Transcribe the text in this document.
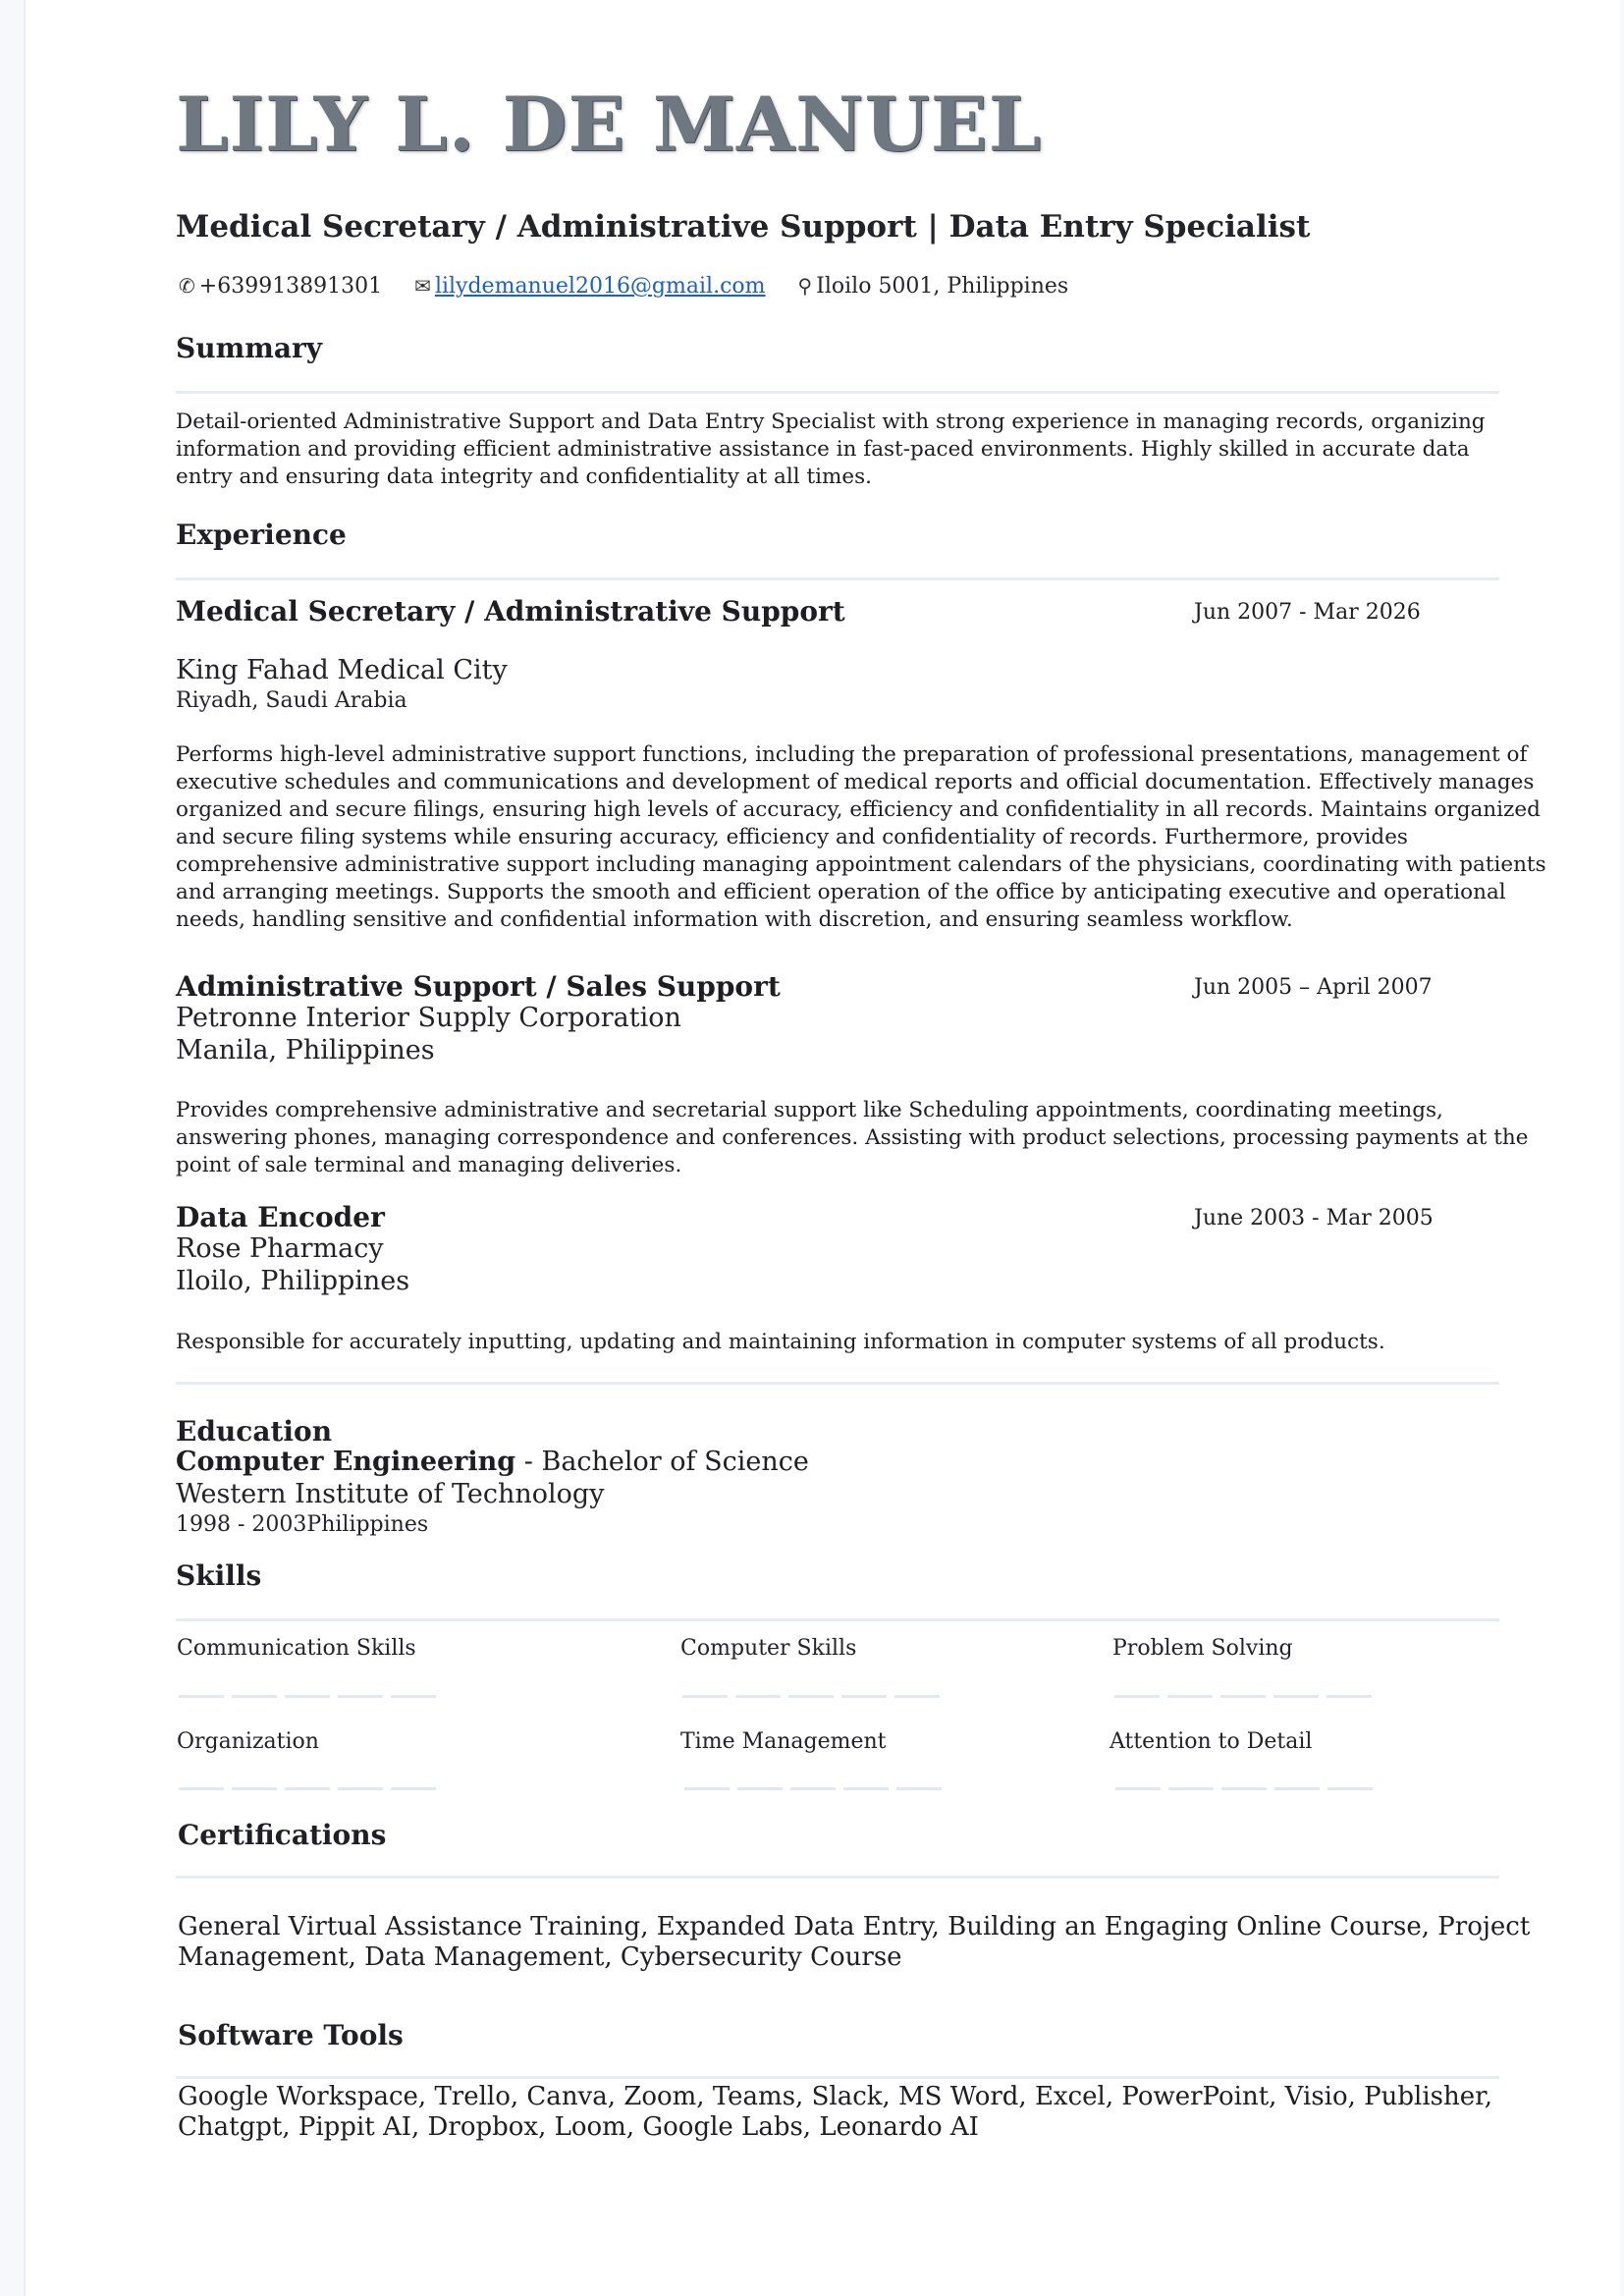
LILY L. DE MANUEL
Medical Secretary / Administrative Support | Data Entry Specialist
✆ +639913891301 ✉ lilydemanuel2016@gmail.com ⚲ Iloilo 5001, Philippines
Summary
Detail-oriented Administrative Support and Data Entry Specialist with strong experience in managing records, organizing information and providing efficient administrative assistance in fast-paced environments. Highly skilled in accurate data entry and ensuring data integrity and confidentiality at all times.
Experience
Medical Secretary / Administrative Support	Jun 2007 - Mar 2026
King Fahad Medical City
Riyadh, Saudi Arabia
Performs high-level administrative support functions, including the preparation of professional presentations, management of executive schedules and communications and development of medical reports and official documentation. Effectively manages organized and secure filings, ensuring high levels of accuracy, efficiency and confidentiality in all records. Maintains organized and secure filing systems while ensuring accuracy, efficiency and confidentiality of records. Furthermore, provides comprehensive administrative support including managing appointment calendars of the physicians, coordinating with patients and arranging meetings. Supports the smooth and efficient operation of the office by anticipating executive and operational needs, handling sensitive and confidential information with discretion, and ensuring seamless workflow.
Administrative Support / Sales Support	Jun 2005 – April 2007
Petronne Interior Supply Corporation
Manila, Philippines
Provides comprehensive administrative and secretarial support like Scheduling appointments, coordinating meetings, answering phones, managing correspondence and conferences. Assisting with product selections, processing payments at the point of sale terminal and managing deliveries.
Data Encoder	June 2003 - Mar 2005
Rose Pharmacy
Iloilo, Philippines
Responsible for accurately inputting, updating and maintaining information in computer systems of all products.
Education
Computer Engineering - Bachelor of Science
Western Institute of Technology
1998 - 2003Philippines
Skills
Communication Skills	Computer Skills	Problem Solving
Organization	Time Management	Attention to Detail
Certifications
General Virtual Assistance Training, Expanded Data Entry, Building an Engaging Online Course, Project Management, Data Management, Cybersecurity Course
Software Tools
Google Workspace, Trello, Canva, Zoom, Teams, Slack, MS Word, Excel, PowerPoint, Visio, Publisher, Chatgpt, Pippit AI, Dropbox, Loom, Google Labs, Leonardo AI
